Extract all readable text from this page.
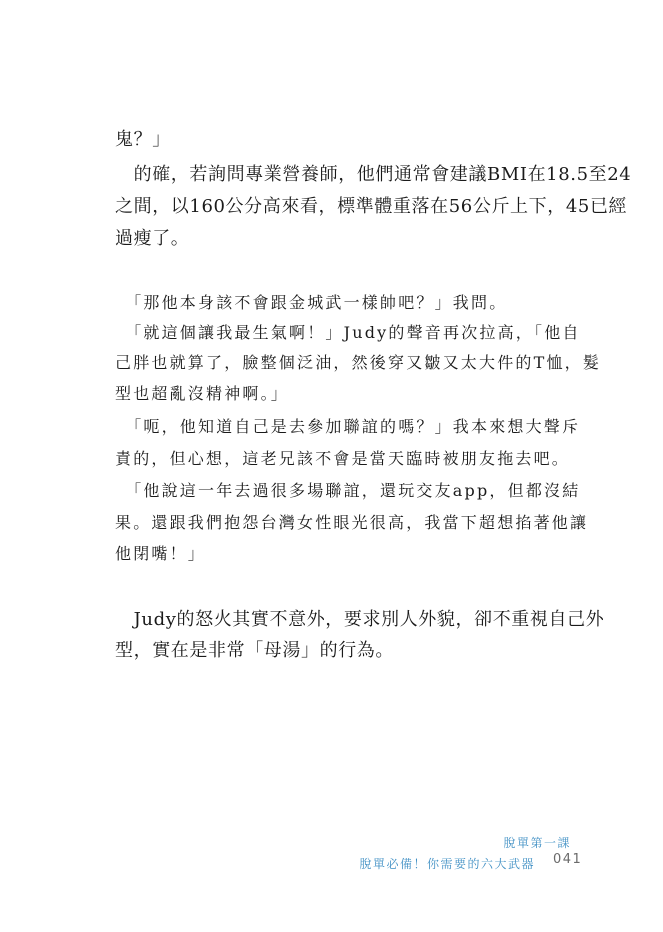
鬼？」

　的確，若詢問專業營養師，他們通常會建議BMI在18.5至24

之間，以160公分高來看，標準體重落在56公斤上下，45已經

過瘦了。

　「那他本身該不會跟金城武一樣帥吧？」我問。

　「就這個讓我最生氣啊！」Judy的聲音再次拉高，「他自

己胖也就算了，臉整個泛油，然後穿又皺又太大件的T恤，髮

型也超亂沒精神啊。」

　「呃，他知道自己是去參加聯誼的嗎？」我本來想大聲斥

責的，但心想，這老兄該不會是當天臨時被朋友拖去吧。

　「他說這一年去過很多場聯誼，還玩交友app，但都沒結

果。還跟我們抱怨台灣女性眼光很高，我當下超想掐著他讓

他閉嘴！」

　Judy的怒火其實不意外，要求別人外貌，卻不重視自己外

型，實在是非常「母湯」的行為。

脫單第一課
脫單必備！你需要的六大武器 041
